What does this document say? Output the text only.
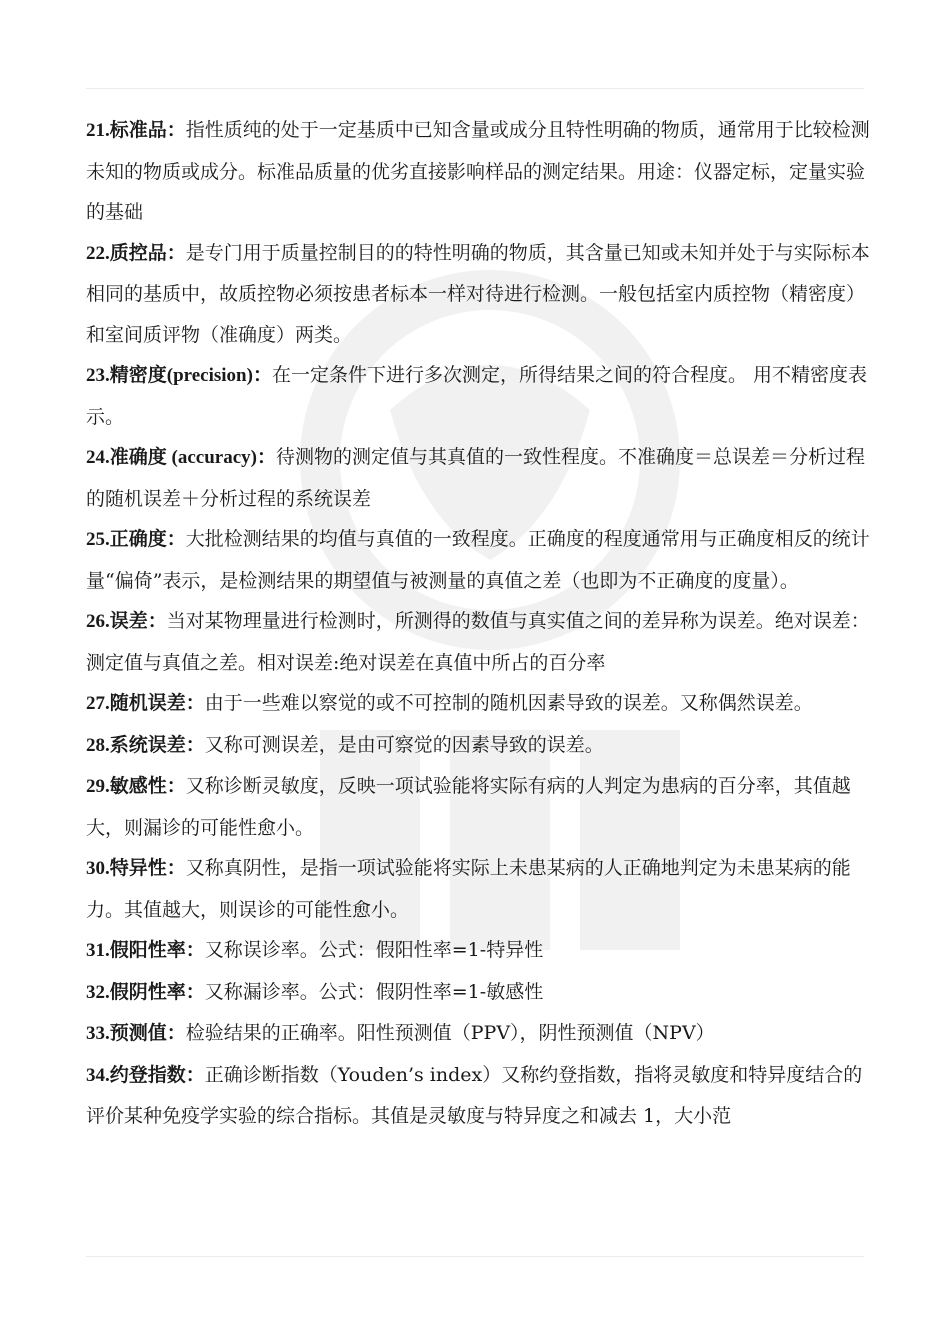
21.标准品：指性质纯的处于一定基质中已知含量或成分且特性明确的物质，通常用于比较检测未知的物质或成分。标准品质量的优劣直接影响样品的测定结果。用途：仪器定标，定量实验的基础

22.质控品：是专门用于质量控制目的的特性明确的物质，其含量已知或未知并处于与实际标本相同的基质中，故质控物必须按患者标本一样对待进行检测。一般包括室内质控物（精密度）和室间质评物（准确度）两类。

23.精密度(precision)：在一定条件下进行多次测定，所得结果之间的符合程度。 用不精密度表示。

24.准确度 (accuracy)：待测物的测定值与其真值的一致性程度。不准确度＝总误差＝分析过程的随机误差＋分析过程的系统误差

25.正确度：大批检测结果的均值与真值的一致程度。正确度的程度通常用与正确度相反的统计量“偏倚”表示，是检测结果的期望值与被测量的真值之差（也即为不正确度的度量）。

26.误差：当对某物理量进行检测时，所测得的数值与真实值之间的差异称为误差。绝对误差：测定值与真值之差。相对误差:绝对误差在真值中所占的百分率

27.随机误差：由于一些难以察觉的或不可控制的随机因素导致的误差。又称偶然误差。

28.系统误差：又称可测误差，是由可察觉的因素导致的误差。

29.敏感性：又称诊断灵敏度，反映一项试验能将实际有病的人判定为患病的百分率，其值越大，则漏诊的可能性愈小。

30.特异性：又称真阴性，是指一项试验能将实际上未患某病的人正确地判定为未患某病的能力。其值越大，则误诊的可能性愈小。

31.假阳性率：又称误诊率。公式：假阳性率=1-特异性

32.假阴性率：又称漏诊率。公式：假阴性率=1-敏感性

33.预测值：检验结果的正确率。阳性预测值（PPV），阴性预测值（NPV）

34.约登指数：正确诊断指数（Youden’s index）又称约登指数，指将灵敏度和特异度结合的评价某种免疫学实验的综合指标。其值是灵敏度与特异度之和减去 1，大小范
